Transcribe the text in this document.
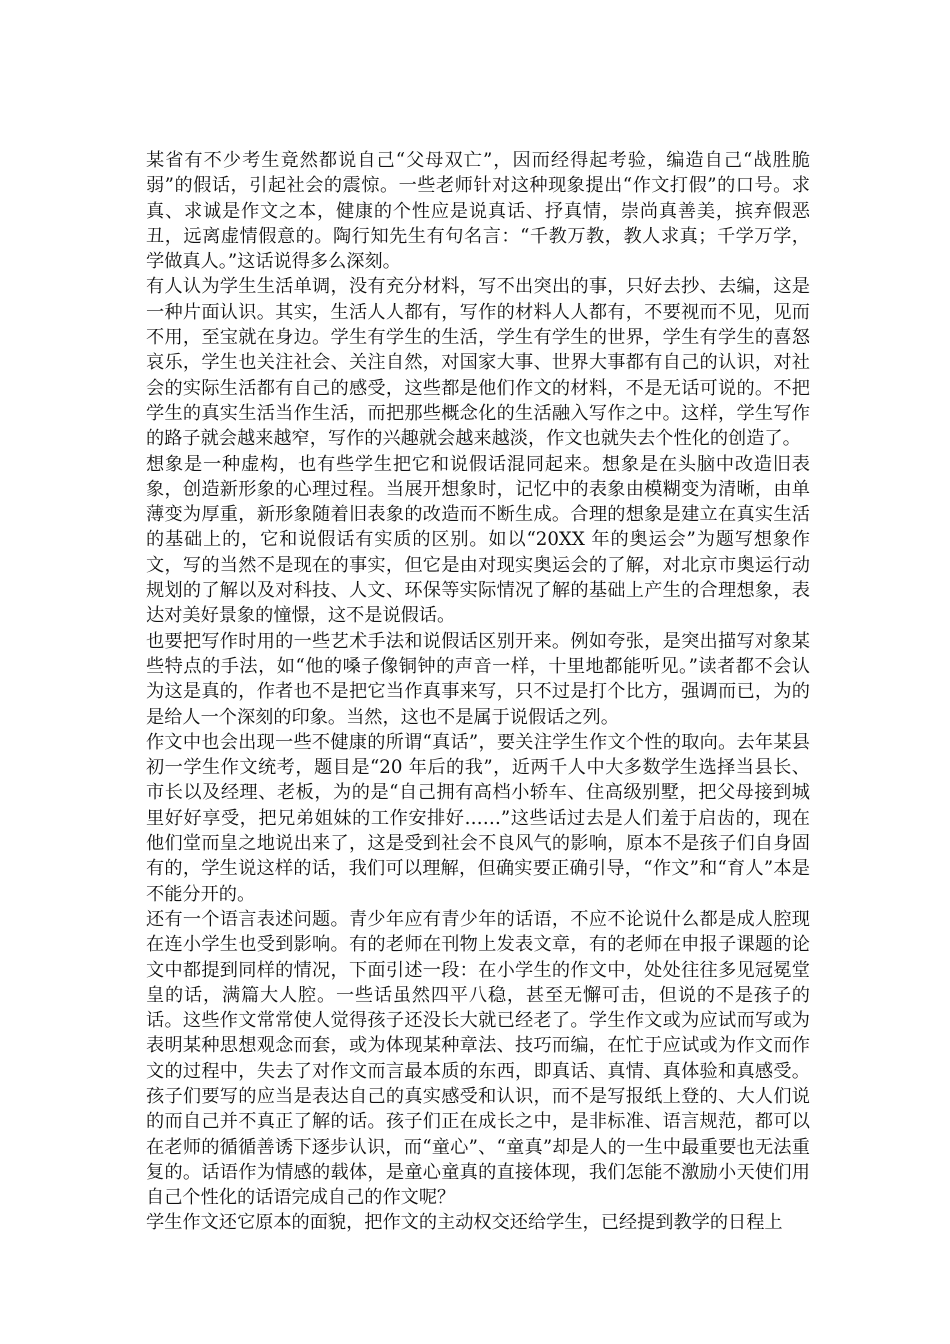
某省有不少考生竟然都说自己“父母双亡”，因而经得起考验，编造自己“战胜脆弱”的假话，引起社会的震惊。一些老师针对这种现象提出“作文打假”的口号。求真、求诚是作文之本，健康的个性应是说真话、抒真情，崇尚真善美，摈弃假恶丑，远离虚情假意的。陶行知先生有句名言：“千教万教，教人求真；千学万学，学做真人。”这话说得多么深刻。

有人认为学生生活单调，没有充分材料，写不出突出的事，只好去抄、去编，这是一种片面认识。其实，生活人人都有，写作的材料人人都有，不要视而不见，见而不用，至宝就在身边。学生有学生的生活，学生有学生的世界，学生有学生的喜怒哀乐，学生也关注社会、关注自然，对国家大事、世界大事都有自己的认识，对社会的实际生活都有自己的感受，这些都是他们作文的材料，不是无话可说的。不把学生的真实生活当作生活，而把那些概念化的生活融入写作之中。这样，学生写作的路子就会越来越窄，写作的兴趣就会越来越淡，作文也就失去个性化的创造了。

想象是一种虚构，也有些学生把它和说假话混同起来。想象是在头脑中改造旧表象，创造新形象的心理过程。当展开想象时，记忆中的表象由模糊变为清晰，由单薄变为厚重，新形象随着旧表象的改造而不断生成。合理的想象是建立在真实生活的基础上的，它和说假话有实质的区别。如以“20XX 年的奥运会”为题写想象作文，写的当然不是现在的事实，但它是由对现实奥运会的了解，对北京市奥运行动规划的了解以及对科技、人文、环保等实际情况了解的基础上产生的合理想象，表达对美好景象的憧憬，这不是说假话。

也要把写作时用的一些艺术手法和说假话区别开来。例如夸张，是突出描写对象某些特点的手法，如“他的嗓子像铜钟的声音一样，十里地都能听见。”读者都不会认为这是真的，作者也不是把它当作真事来写，只不过是打个比方，强调而已，为的是给人一个深刻的印象。当然，这也不是属于说假话之列。

作文中也会出现一些不健康的所谓“真话”，要关注学生作文个性的取向。去年某县初一学生作文统考，题目是“20 年后的我”，近两千人中大多数学生选择当县长、市长以及经理、老板，为的是“自己拥有高档小轿车、住高级别墅，把父母接到城里好好享受，把兄弟姐妹的工作安排好……”这些话过去是人们羞于启齿的，现在他们堂而皇之地说出来了，这是受到社会不良风气的影响，原本不是孩子们自身固有的，学生说这样的话，我们可以理解，但确实要正确引导，“作文”和“育人”本是不能分开的。

还有一个语言表述问题。青少年应有青少年的话语，不应不论说什么都是成人腔现在连小学生也受到影响。有的老师在刊物上发表文章，有的老师在申报子课题的论文中都提到同样的情况，下面引述一段：在小学生的作文中，处处往往多见冠冕堂皇的话，满篇大人腔。一些话虽然四平八稳，甚至无懈可击，但说的不是孩子的话。这些作文常常使人觉得孩子还没长大就已经老了。学生作文或为应试而写或为表明某种思想观念而套，或为体现某种章法、技巧而编，在忙于应试或为作文而作文的过程中，失去了对作文而言最本质的东西，即真话、真情、真体验和真感受。孩子们要写的应当是表达自己的真实感受和认识，而不是写报纸上登的、大人们说的而自己并不真正了解的话。孩子们正在成长之中，是非标准、语言规范，都可以在老师的循循善诱下逐步认识，而“童心”、“童真”却是人的一生中最重要也无法重复的。话语作为情感的载体，是童心童真的直接体现，我们怎能不激励小天使们用自己个性化的话语完成自己的作文呢？

学生作文还它原本的面貌，把作文的主动权交还给学生，已经提到教学的日程上
